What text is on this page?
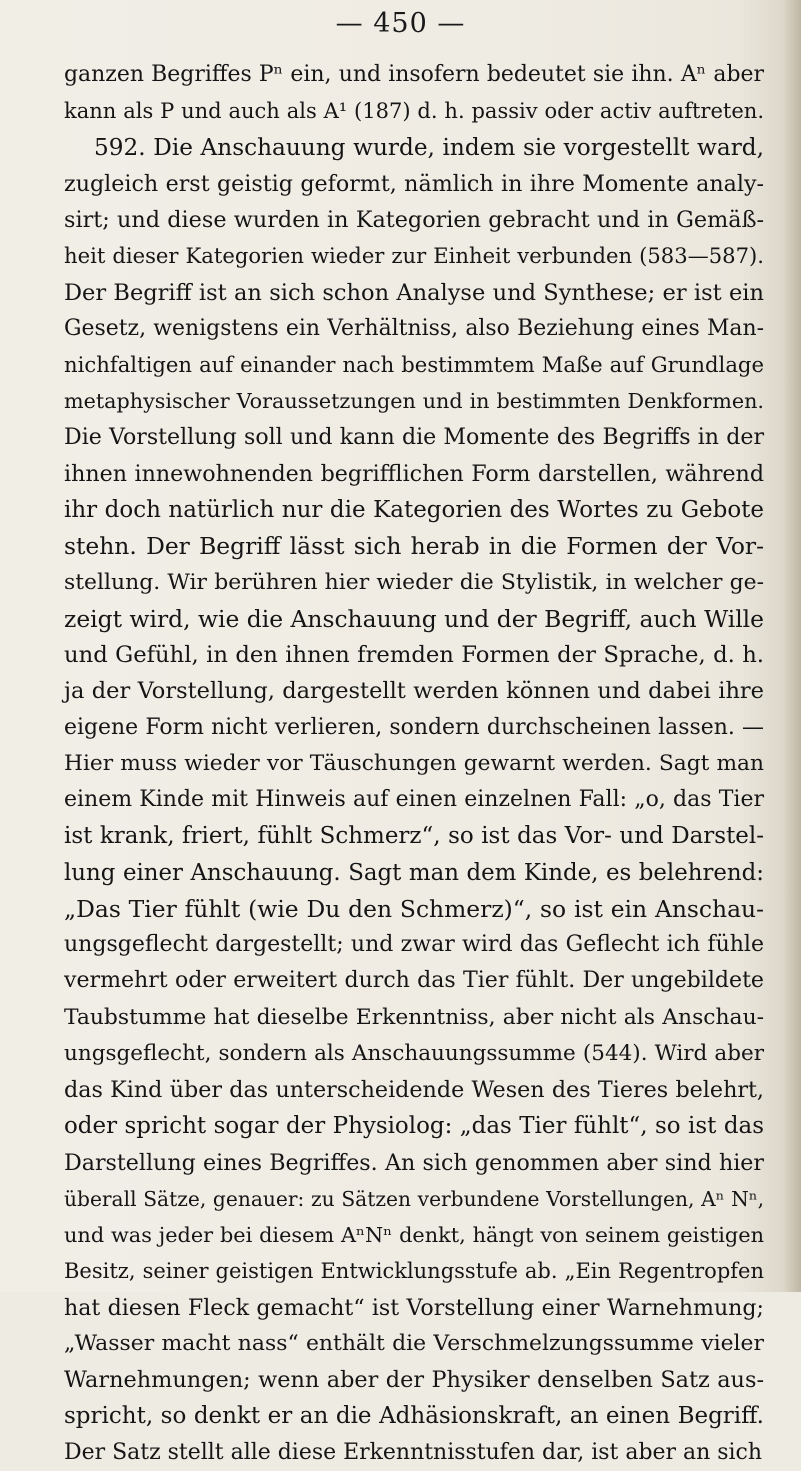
— 450 —
ganzen Begriffes Pⁿ ein, und insofern bedeutet sie ihn. Aⁿ aber
kann als P und auch als A¹ (187) d. h. passiv oder activ auftreten.
592. Die Anschauung wurde, indem sie vorgestellt ward,
zugleich erst geistig geformt, nämlich in ihre Momente analy-
sirt; und diese wurden in Kategorien gebracht und in Gemäß-
heit dieser Kategorien wieder zur Einheit verbunden (583—587).
Der Begriff ist an sich schon Analyse und Synthese; er ist ein
Gesetz, wenigstens ein Verhältniss, also Beziehung eines Man-
nichfaltigen auf einander nach bestimmtem Maße auf Grundlage
metaphysischer Voraussetzungen und in bestimmten Denkformen.
Die Vorstellung soll und kann die Momente des Begriffs in der
ihnen innewohnenden begrifflichen Form darstellen, während
ihr doch natürlich nur die Kategorien des Wortes zu Gebote
stehn. Der Begriff lässt sich herab in die Formen der Vor-
stellung. Wir berühren hier wieder die Stylistik, in welcher ge-
zeigt wird, wie die Anschauung und der Begriff, auch Wille
und Gefühl, in den ihnen fremden Formen der Sprache, d. h.
ja der Vorstellung, dargestellt werden können und dabei ihre
eigene Form nicht verlieren, sondern durchscheinen lassen. —
Hier muss wieder vor Täuschungen gewarnt werden. Sagt man
einem Kinde mit Hinweis auf einen einzelnen Fall: „o, das Tier
ist krank, friert, fühlt Schmerz“, so ist das Vor- und Darstel-
lung einer Anschauung. Sagt man dem Kinde, es belehrend:
„Das Tier fühlt (wie Du den Schmerz)“, so ist ein Anschau-
ungsgeflecht dargestellt; und zwar wird das Geflecht ich fühle
vermehrt oder erweitert durch das Tier fühlt. Der ungebildete
Taubstumme hat dieselbe Erkenntniss, aber nicht als Anschau-
ungsgeflecht, sondern als Anschauungssumme (544). Wird aber
das Kind über das unterscheidende Wesen des Tieres belehrt,
oder spricht sogar der Physiolog: „das Tier fühlt“, so ist das
Darstellung eines Begriffes. An sich genommen aber sind hier
überall Sätze, genauer: zu Sätzen verbundene Vorstellungen, Aⁿ Nⁿ,
und was jeder bei diesem AⁿNⁿ denkt, hängt von seinem geistigen
Besitz, seiner geistigen Entwicklungsstufe ab. „Ein Regentropfen
hat diesen Fleck gemacht“ ist Vorstellung einer Warnehmung;
„Wasser macht nass“ enthält die Verschmelzungssumme vieler
Warnehmungen; wenn aber der Physiker denselben Satz aus-
spricht, so denkt er an die Adhäsionskraft, an einen Begriff.
Der Satz stellt alle diese Erkenntnisstufen dar, ist aber an sich
